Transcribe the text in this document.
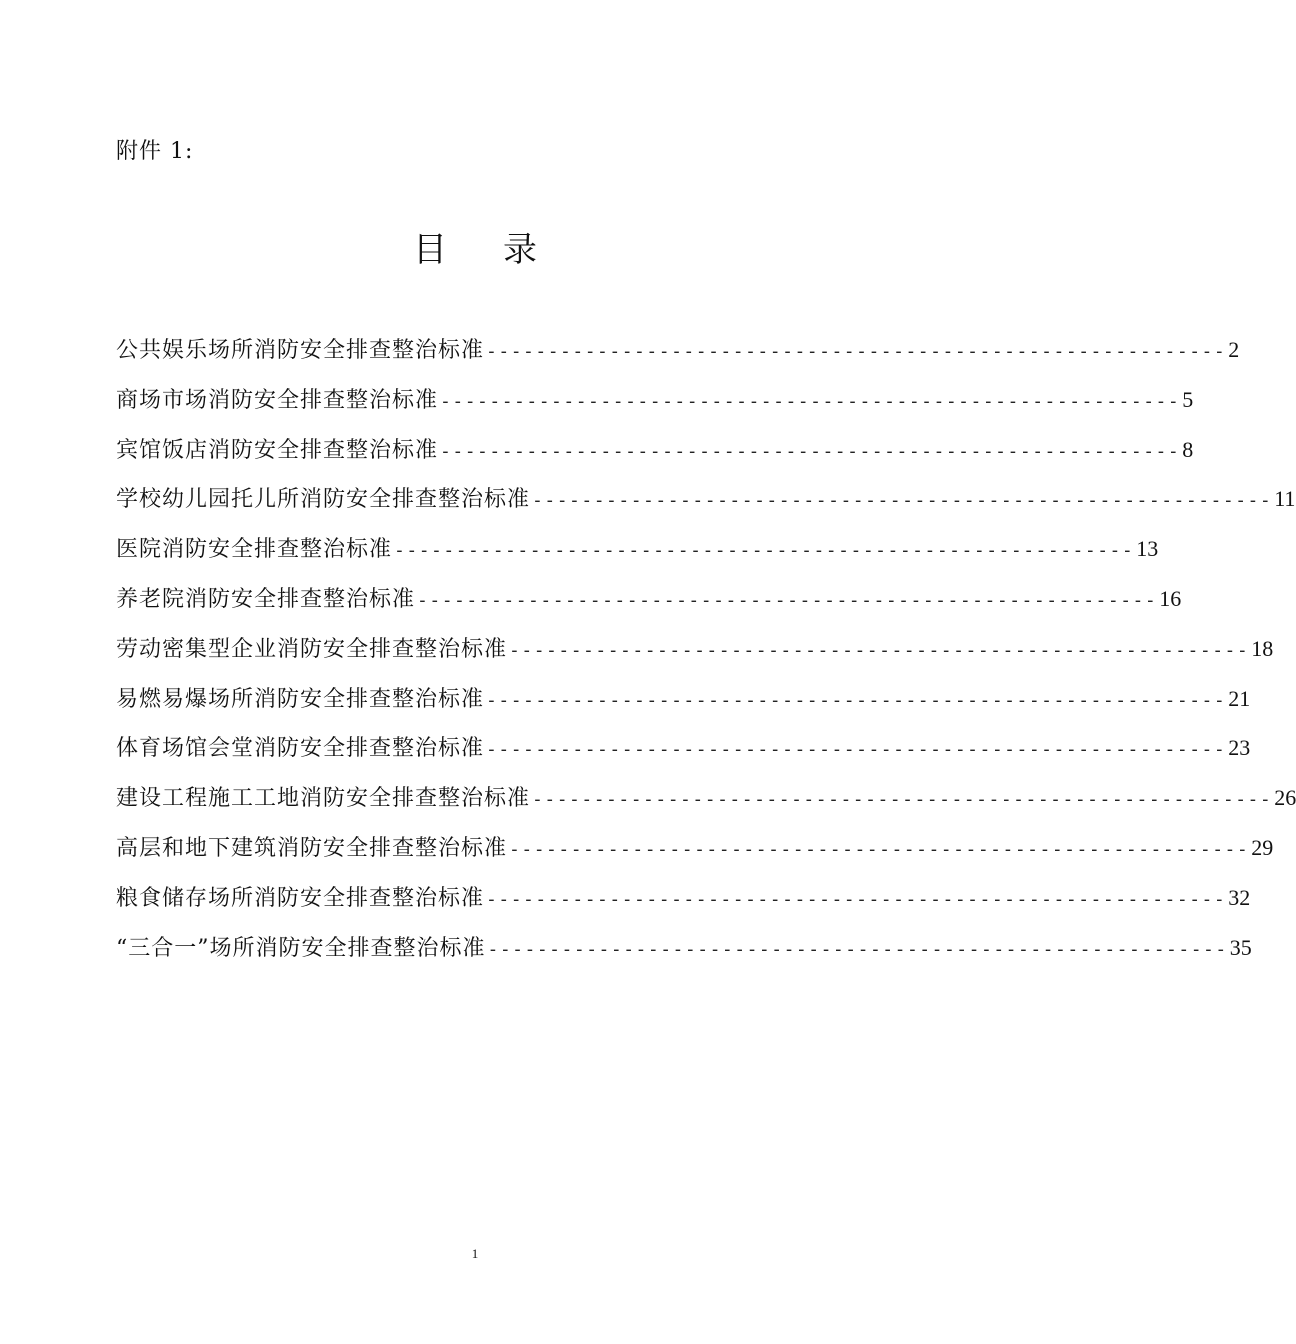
附件 1:
目 录
公共娱乐场所消防安全排查整治标准 ------------------------------------------------------------ 2
商场市场消防安全排查整治标准 ------------------------------------------------------------ 5
宾馆饭店消防安全排查整治标准 ------------------------------------------------------------ 8
学校幼儿园托儿所消防安全排查整治标准 ------------------------------------------------------------ 11
医院消防安全排查整治标准 ------------------------------------------------------------ 13
养老院消防安全排查整治标准 ------------------------------------------------------------ 16
劳动密集型企业消防安全排查整治标准 ------------------------------------------------------------ 18
易燃易爆场所消防安全排查整治标准 ------------------------------------------------------------ 21
体育场馆会堂消防安全排查整治标准 ------------------------------------------------------------ 23
建设工程施工工地消防安全排查整治标准 ------------------------------------------------------------ 26
高层和地下建筑消防安全排查整治标准 ------------------------------------------------------------ 29
粮食储存场所消防安全排查整治标准 ------------------------------------------------------------ 32
“三合一”场所消防安全排查整治标准 ------------------------------------------------------------ 35
1
